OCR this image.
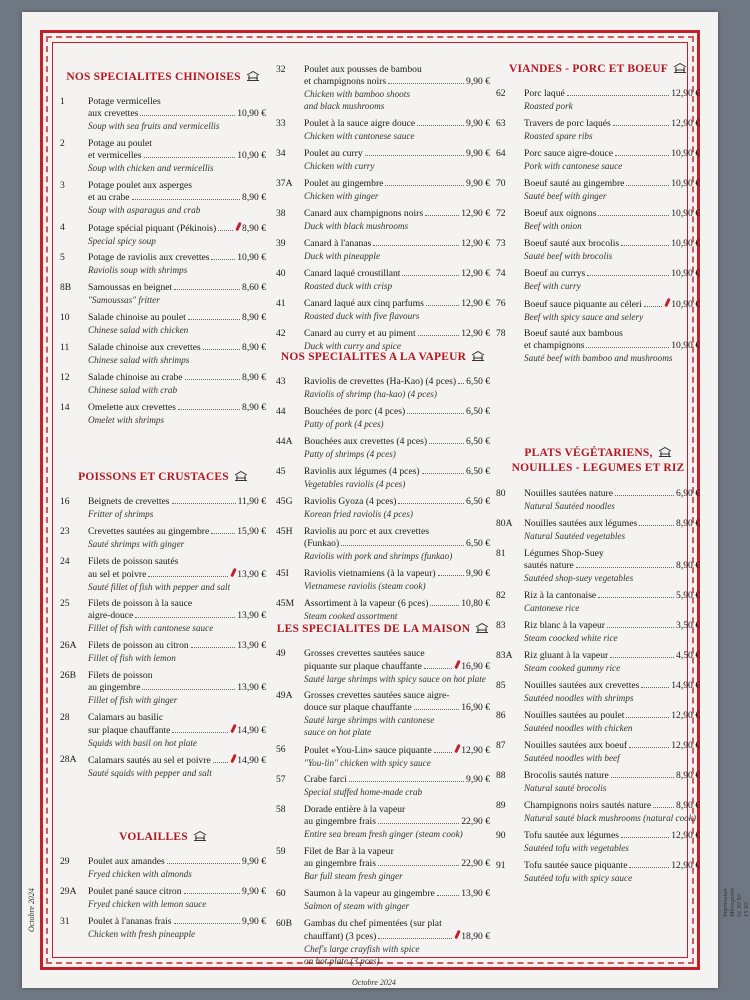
NOS SPECIALITES CHINOISES
1	Potage vermicelles
aux crevettes	10,90 €
Soup with sea fruits and vermicellis
2	Potage au poulet
et vermicelles	10,90 €
Soup with chicken and vermicellis
3	Potage poulet aux asperges
et au crabe	8,90 €
Soup with asparagus and crab
4	Potage spécial piquant (Pékinois)	8,90 €
Special spicy soup
5	Potage de raviolis aux crevettes	10,90 €
Raviolis soup with shrimps
8B	Samoussas en beignet	8,60 €
"Samoussas" fritter
10	Salade chinoise au poulet	8,90 €
Chinese salad with chicken
11	Salade chinoise aux crevettes	8,90 €
Chinese salad with shrimps
12	Salade chinoise au crabe	8,90 €
Chinese salad with crab
14	Omelette aux crevettes	8,90 €
Omelet with shrimps
POISSONS ET CRUSTACES
16	Beignets de crevettes	11,90 €
Fritter of shrimps
23	Crevettes sautées au gingembre	15,90 €
Sauté shrimps with ginger
24	Filets de poisson sautés
au sel et poivre	13,90 €
Sauté fillet of fish with pepper and salt
25	Filets de poisson à la sauce
aigre-douce	13,90 €
Fillet of fish with cantonese sauce
26A	Filets de poisson au citron	13,90 €
Fillet of fish with lemon
26B	Filets de poisson
au gingembre	13,90 €
Fillet of fish with ginger
28	Calamars au basilic
sur plaque chauffante	14,90 €
Squids with basil on hot plate
28A	Calamars sautés au sel et poivre	14,90 €
Sauté squids with pepper and salt
VOLAILLES
29	Poulet aux amandes	9,90 €
Fryed chicken with almonds
29A	Poulet pané sauce citron	9,90 €
Fryed chicken with lemon sauce
31	Poulet à l'ananas frais	9,90 €
Chicken with fresh pineapple
32	Poulet aux pousses de bambou
et champignons noirs	9,90 €
Chicken with bamboo shoots
and black mushrooms
33	Poulet à la sauce aigre douce	9,90 €
Chicken with cantonese sauce
34	Poulet au curry	9,90 €
Chicken with curry
37A	Poulet au gingembre	9,90 €
Chicken with ginger
38	Canard aux champignons noirs	12,90 €
Duck with black mushrooms
39	Canard à l'ananas	12,90 €
Duck with pineapple
40	Canard laqué croustillant	12,90 €
Roasted duck with crisp
41	Canard laqué aux cinq parfums	12,90 €
Roasted duck with five flavours
42	Canard au curry et au piment	12,90 €
Duck with curry and spice
NOS SPECIALITES A LA VAPEUR
43	Raviolis de crevettes (Ha-Kao) (4 pces) 6,50 €
Raviolis of shrimp (ha-kao) (4 pces)
44	Bouchées de porc (4 pces)	6,50 €
Patty of pork (4 pces)
44A	Bouchées aux crevettes (4 pces)	6,50 €
Patty of shrimps (4 pces)
45	Raviolis aux légumes (4 pces)	6,50 €
Vegetables raviolis (4 pces)
45G	Raviolis Gyoza (4 pces)	6,50 €
Korean fried raviolis (4 pces)
45H	Raviolis au porc et aux crevettes
(Funkao)	6,50 €
Raviolis with pork and shrimps (funkao)
45I	Raviolis vietnamiens (à la vapeur)	9,90 €
Vietnamese raviolis (steam cook)
45M	Assortiment à la vapeur (6 pces)	10,80 €
Steam cooked assortment
LES SPECIALITES DE LA MAISON
49	Grosses crevettes sautées sauce
piquante sur plaque chauffante	16,90 €
Sauté large shrimps with spicy sauce on hot plate
49A	Grosses crevettes sautées sauce aigre-
douce sur plaque chauffante	16,90 €
Sauté large shrimps with cantonese
sauce on hot plate
56	Poulet «You-Lin» sauce piquante	12,90 €
"You-lin" chicken with spicy sauce
57	Crabe farci	9,90 €
Special stuffed home-made crab
58	Dorade entière à la vapeur
au gingembre frais	22,90 €
Entire sea bream fresh ginger (steam cook)
59	Filet de Bar à la vapeur
au gingembre frais	22,90 €
Bar full steam fresh ginger
60	Saumon à la vapeur au gingembre	13,90 €
Salmon of steam with ginger
60B	Gambas du chef pimentées (sur plat
chauffant) (3 pces)	18,90 €
Chef's large crayfish with spice
on hot plate (3 pces)
VIANDES - PORC ET BOEUF
62	Porc laqué	12,90 €
Roasted pork
63	Travers de porc laqués	12,90 €
Roasted spare ribs
64	Porc sauce aigre-douce	10,90 €
Pork with cantonese sauce
70	Boeuf sauté au gingembre	10,90 €
Sauté beef with ginger
72	Boeuf aux oignons	10,90 €
Beef with onion
73	Boeuf sauté aux brocolis	10,90 €
Sauté beef with brocolis
74	Boeuf au currys	10,90 €
Beef with curry
76	Boeuf sauce piquante au céleri	10,90 €
Beef with spicy sauce and selery
78	Boeuf sauté aux bambous
et champignons	10,90 €
Sauté beef with bamboo and mushrooms
PLATS VÉGÉTARIENS,
NOUILLES - LEGUMES ET RIZ
80	Nouilles sautées nature	6,90 €
Natural Sautéed noodles
80A	Nouilles sautées aux légumes	8,90 €
Natural Sautéed vegetables
81	Légumes Shop-Suey
sautés nature	8,90 €
Sautéed shop-suey vegetables
82	Riz à la cantonaise	5,90 €
Cantonese rice
83	Riz blanc à la vapeur	3,50 €
Steam coocked white rice
83A	Riz gluant à la vapeur	4,50 €
Steam cooked gummy rice
85	Nouilles sautées aux crevettes	14,90 €
Sautéed noodles with shrimps
86	Nouilles sautées au poulet	12,90 €
Sautéed noodles with chicken
87	Nouilles sautées aux boeuf	12,90 €
Sautéed noodles with beef
88	Brocolis sautés nature	8,90 €
Natural sauté brocolis
89	Champignons noirs sautés nature	8,90 €
Natural sauté black mushrooms (natural cook)
90	Tofu sautée aux légumes	12,90 €
Sautéed tofu with vegetables
91	Tofu sautée sauce piquante	12,90 €
Sautéed tofu with spicy sauce
Octobre 2024
Octobre 2024
Impression Micropoint 01 30 50 15 50
